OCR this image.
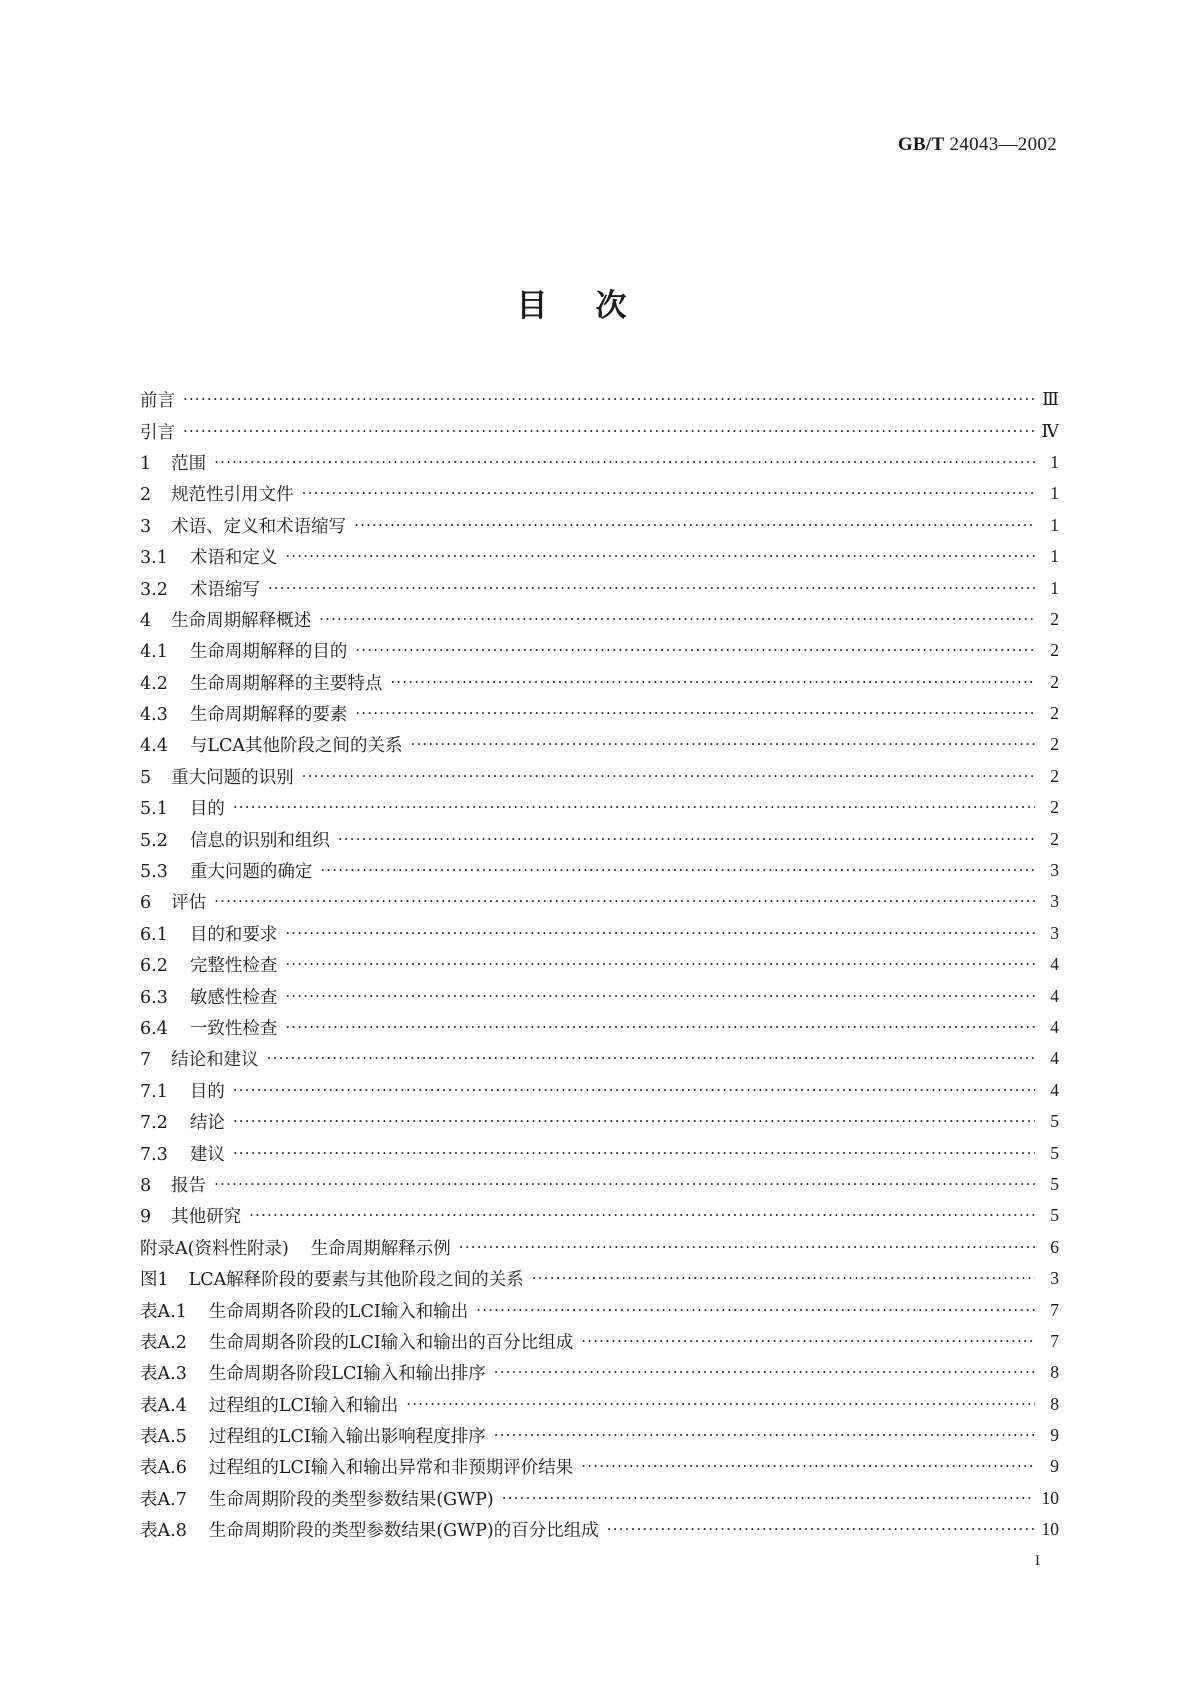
GB/T 24043—2002
目次
前言 ·····	Ⅲ
引言 ·····	Ⅳ
1 范围 ·····	1
2 规范性引用文件 ·····	1
3 术语、定义和术语缩写 ·····	1
3.1 术语和定义 ·····	1
3.2 术语缩写 ·····	1
4 生命周期解释概述 ·····	2
4.1 生命周期解释的目的 ·····	2
4.2 生命周期解释的主要特点 ·····	2
4.3 生命周期解释的要素 ·····	2
4.4 与LCA其他阶段之间的关系 ·····	2
5 重大问题的识别 ·····	2
5.1 目的 ·····	2
5.2 信息的识别和组织 ·····	2
5.3 重大问题的确定 ·····	3
6 评估 ·····	3
6.1 目的和要求 ·····	3
6.2 完整性检查 ·····	4
6.3 敏感性检查 ·····	4
6.4 一致性检查 ·····	4
7 结论和建议 ·····	4
7.1 目的 ·····	4
7.2 结论 ·····	5
7.3 建议 ·····	5
8 报告 ·····	5
9 其他研究 ·····	5
附录A(资料性附录) 生命周期解释示例 ·····	6
图1 LCA解释阶段的要素与其他阶段之间的关系 ·····	3
表A.1 生命周期各阶段的LCI输入和输出 ·····	7
表A.2 生命周期各阶段的LCI输入和输出的百分比组成 ·····	7
表A.3 生命周期各阶段LCI输入和输出排序 ·····	8
表A.4 过程组的LCI输入和输出 ·····	8
表A.5 过程组的LCI输入输出影响程度排序 ·····	9
表A.6 过程组的LCI输入和输出异常和非预期评价结果 ·····	9
表A.7 生命周期阶段的类型参数结果(GWP) ·····	10
表A.8 生命周期阶段的类型参数结果(GWP)的百分比组成 ·····	10
I
